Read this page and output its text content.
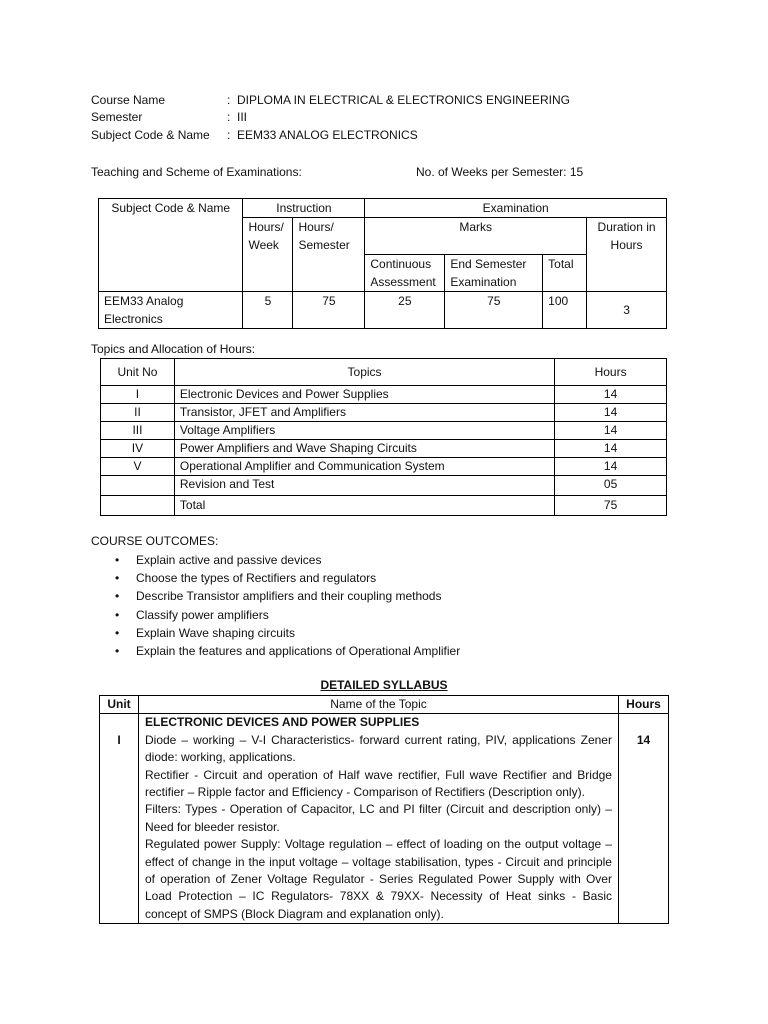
Course Name	: DIPLOMA IN ELECTRICAL & ELECTRONICS ENGINEERING
Semester	: III
Subject Code & Name : EEM33 ANALOG ELECTRONICS
Teaching and Scheme of Examinations:	No. of Weeks per Semester: 15
Subject Code & Name	Instruction		Examination			
	Hours/ Week	Hours/ Semester	Marks			Duration in Hours
			Continuous Assessment	End Semester Examination	Total	
EEM33 Analog Electronics	5	75	25	75	100	3
Topics and Allocation of Hours:
Unit No	Topics	Hours
I	Electronic Devices and Power Supplies	14
II	Transistor, JFET and Amplifiers	14
III	Voltage Amplifiers	14
IV	Power Amplifiers and Wave Shaping Circuits	14
V	Operational Amplifier and Communication System	14
	Revision and Test	05
	Total	75
COURSE OUTCOMES:
• Explain active and passive devices
• Choose the types of Rectifiers and regulators
• Describe Transistor amplifiers and their coupling methods
• Classify power amplifiers
• Explain Wave shaping circuits
• Explain the features and applications of Operational Amplifier
DETAILED SYLLABUS
Unit	Name of the Topic	Hours
I	ELECTRONIC DEVICES AND POWER SUPPLIES

Diode – working – V-I Characteristics- forward current rating, PIV, applications Zener diode: working, applications.

Rectifier - Circuit and operation of Half wave rectifier, Full wave Rectifier and Bridge rectifier – Ripple factor and Efficiency - Comparison of Rectifiers (Description only).

Filters: Types - Operation of Capacitor, LC and PI filter (Circuit and description only) – Need for bleeder resistor.

Regulated power Supply: Voltage regulation – effect of loading on the output voltage – effect of change in the input voltage – voltage stabilisation, types - Circuit and principle of operation of Zener Voltage Regulator - Series Regulated Power Supply with Over Load Protection – IC Regulators- 78XX & 79XX- Necessity of Heat sinks - Basic concept of SMPS (Block Diagram and explanation only).	14
